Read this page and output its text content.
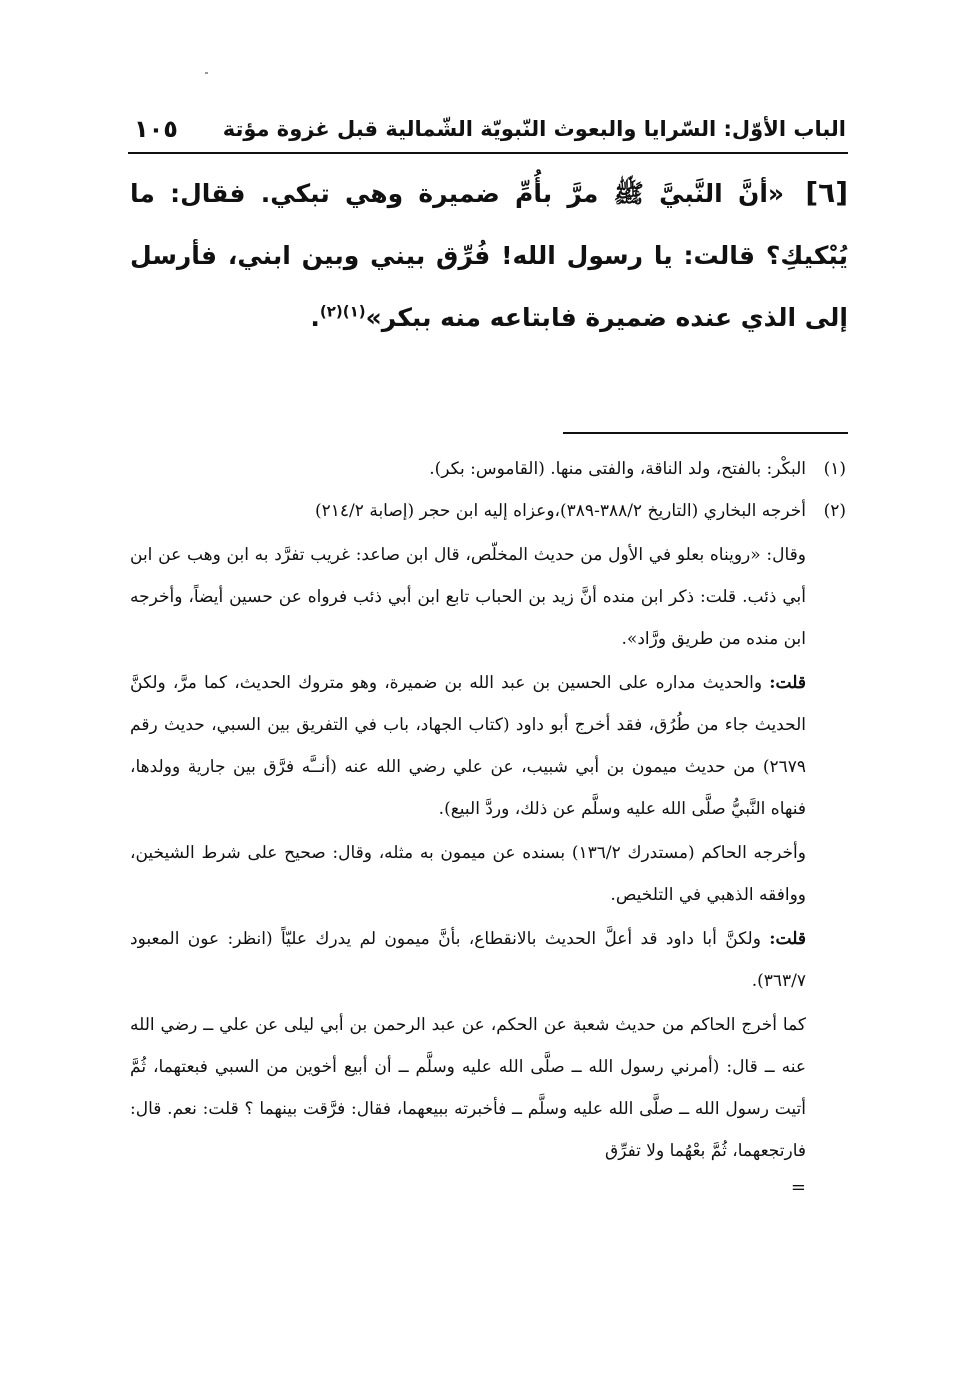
الباب الأوّل: السّرايا والبعوث النّبويّة الشّمالية قبل غزوة مؤتة
١٠٥
[٦] «أنَّ النَّبيَّ ﷺ مرَّ بأُمِّ ضميرة وهي تبكي. فقال: ما يُبْكيكِ؟ قالت: يا رسول الله! فُرِّق بيني وبين ابني، فأرسل إلى الذي عنده ضميرة فابتاعه منه ببكر»$^{(١)(٢)}$.
(١)
البكْر: بالفتح، ولد الناقة، والفتى منها. (القاموس: بكر).
(٢)
أخرجه البخاري (التاريخ ٣٨٨/٢-٣٨٩)،وعزاه إليه ابن حجر (إصابة ٢١٤/٢)
وقال: «رويناه بعلو في الأول من حديث المخلّص، قال ابن صاعد: غريب تفرَّد به ابن وهب عن ابن أبي ذئب. قلت: ذكر ابن منده أنَّ زيد بن الحباب تابع ابن أبي ذئب فرواه عن حسين أيضاً، وأخرجه ابن منده من طريق ورَّاد».
قلت: والحديث مداره على الحسين بن عبد الله بن ضميرة، وهو متروك الحديث، كما مرَّ، ولكنَّ الحديث جاء من طُرُق، فقد أخرج أبو داود (كتاب الجهاد، باب في التفريق بين السبي، حديث رقم ٢٦٧٩) من حديث ميمون بن أبي شبيب، عن علي رضي الله عنه (أنــَّه فرَّق بين جارية وولدها، فنهاه النَّبيُّ صلَّى الله عليه وسلَّم عن ذلك، وردَّ البيع).
وأخرجه الحاكم (مستدرك ١٣٦/٢) بسنده عن ميمون به مثله، وقال: صحيح على شرط الشيخين، ووافقه الذهبي في التلخيص.
قلت: ولكنَّ أبا داود قد أعلَّ الحديث بالانقطاع، بأنَّ ميمون لم يدرك عليّاً (انظر: عون المعبود ٣٦٣/٧).
كما أخرج الحاكم من حديث شعبة عن الحكم، عن عبد الرحمن بن أبي ليلى عن علي ــ رضي الله عنه ــ قال: (أمرني رسول الله ــ صلَّى الله عليه وسلَّم ــ أن أبيع أخوين من السبي فبعتهما، ثُمَّ أتيت رسول الله ــ صلَّى الله عليه وسلَّم ــ فأخبرته ببيعهما، فقال: فرَّقت بينهما ؟ قلت: نعم. قال: فارتجعهما، ثُمَّ بعْهُما ولا تفرِّق
=
